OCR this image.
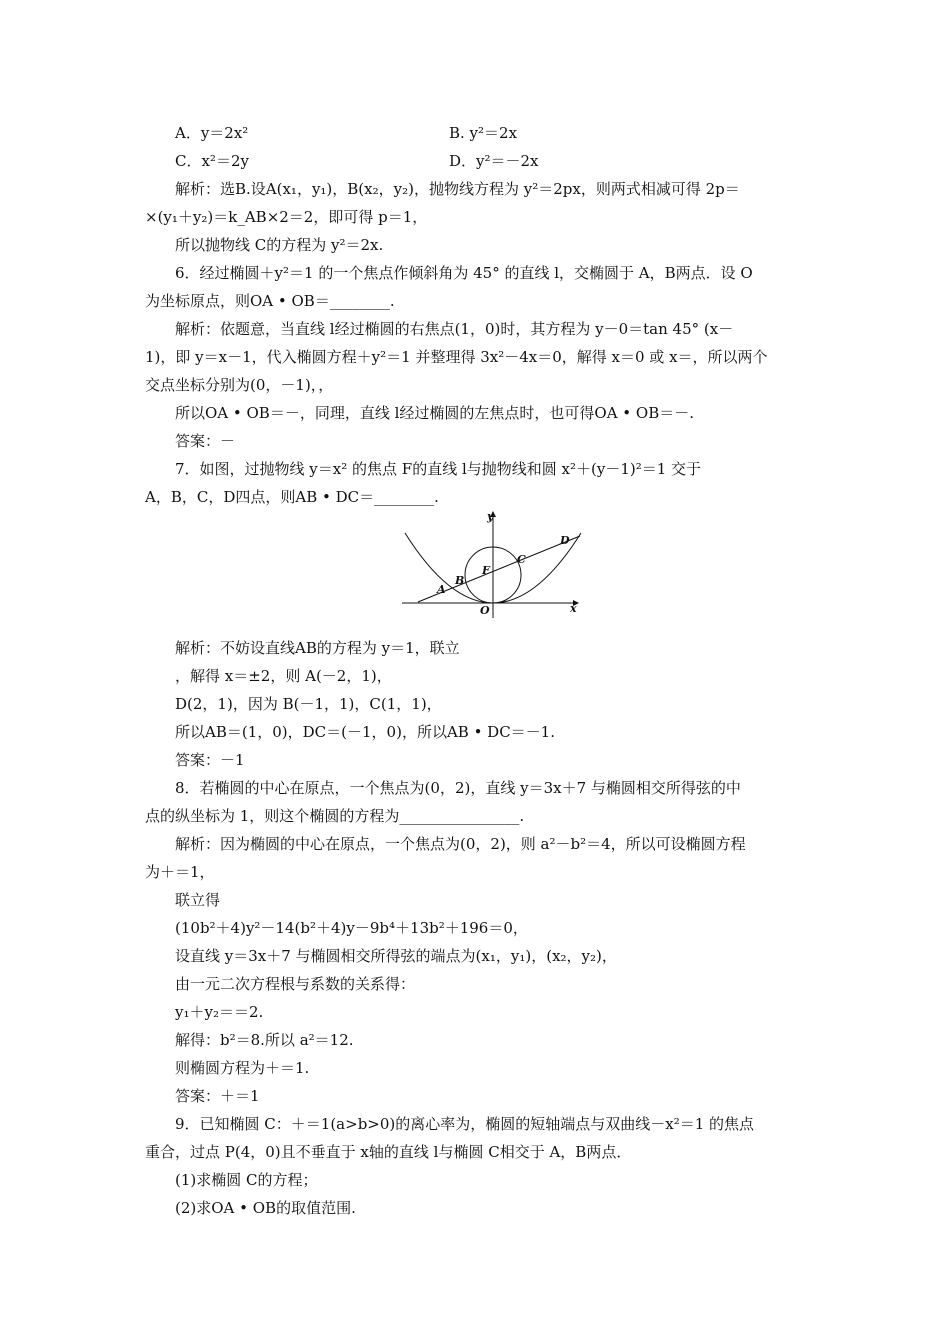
A．y＝2x²	B. y²＝2x
C．x²＝2y	D．y²＝－2x
解析：选B.设A(x₁，y₁)，B(x₂，y₂)，抛物线方程为 y²＝2px，则两式相减可得 2p＝
×(y₁＋y₂)＝k_AB×2＝2，即可得 p＝1，
所以抛物线 C的方程为 y²＝2x.
6．经过椭圆＋y²＝1 的一个焦点作倾斜角为 45° 的直线 l，交椭圆于 A，B两点．设 O
为坐标原点，则OA • OB＝________.
解析：依题意，当直线 l经过椭圆的右焦点(1，0)时，其方程为 y－0＝tan 45° (x－
1)，即 y＝x－1，代入椭圆方程＋y²＝1 并整理得 3x²－4x＝0，解得 x＝0 或 x＝，所以两个
交点坐标分别为(0，－1)，，
所以OA • OB＝－，同理，直线 l经过椭圆的左焦点时，也可得OA • OB＝－.
答案：－
7．如图，过抛物线 y＝x² 的焦点 F的直线 l与抛物线和圆 x²＋(y－1)²＝1 交于
A，B，C，D四点，则AB • DC＝________.
y
x
O
F
A
B
C
D
解析：不妨设直线AB的方程为 y＝1，联立
，解得 x＝±2，则 A(－2，1)，
D(2，1)，因为 B(－1，1)，C(1，1)，
所以AB＝(1，0)，DC＝(－1，0)，所以AB • DC＝－1.
答案：－1
8．若椭圆的中心在原点，一个焦点为(0，2)，直线 y＝3x＋7 与椭圆相交所得弦的中
点的纵坐标为 1，则这个椭圆的方程为________________.
解析：因为椭圆的中心在原点，一个焦点为(0，2)，则 a²－b²＝4，所以可设椭圆方程
为＋＝1，
联立得
(10b²＋4)y²－14(b²＋4)y－9b⁴＋13b²＋196＝0，
设直线 y＝3x＋7 与椭圆相交所得弦的端点为(x₁，y₁)，(x₂，y₂)，
由一元二次方程根与系数的关系得：
y₁＋y₂＝＝2.
解得：b²＝8.所以 a²＝12.
则椭圆方程为＋＝1.
答案：＋＝1
9．已知椭圆 C：＋＝1(a>b>0)的离心率为，椭圆的短轴端点与双曲线－x²＝1 的焦点
重合，过点 P(4，0)且不垂直于 x轴的直线 l与椭圆 C相交于 A，B两点．
(1)求椭圆 C的方程；
(2)求OA • OB的取值范围.
